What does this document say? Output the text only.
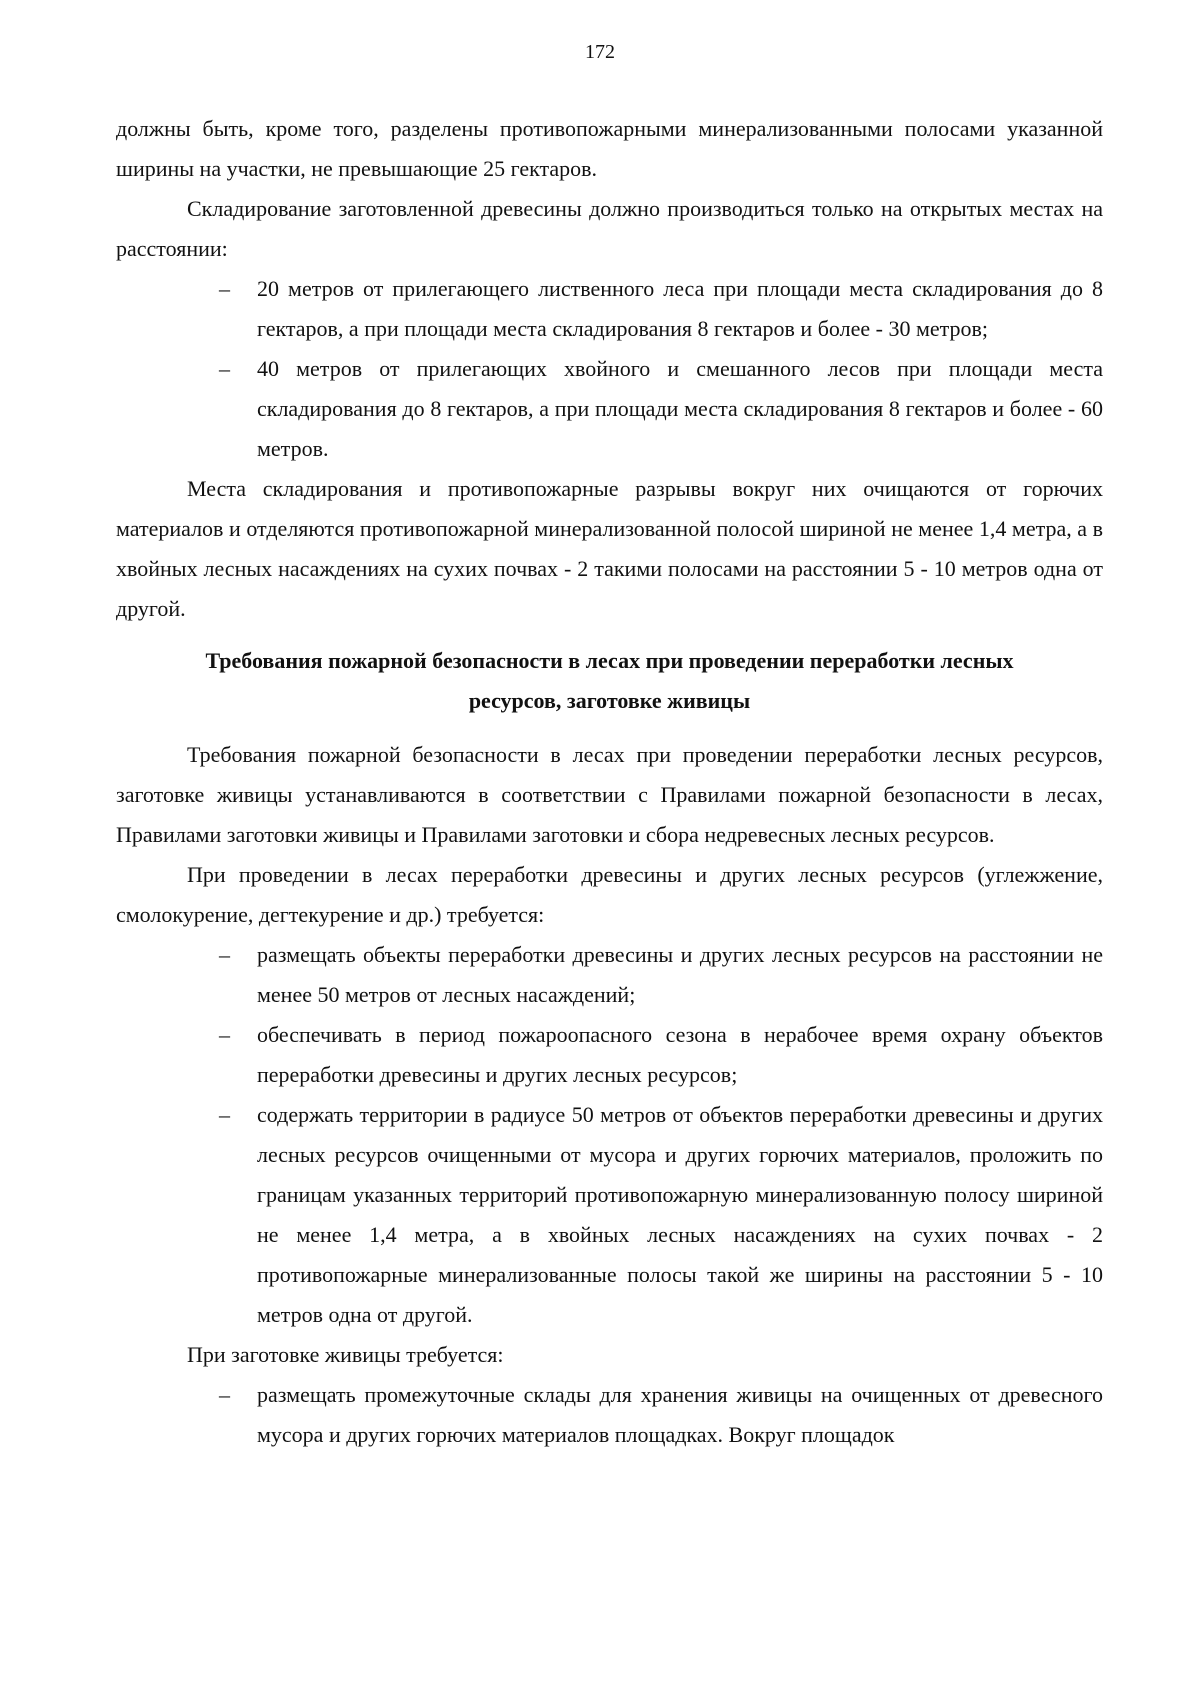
172

должны быть, кроме того, разделены противопожарными минерализованными полосами указанной ширины на участки, не превышающие 25 гектаров.

Складирование заготовленной древесины должно производиться только на открытых местах на расстоянии:

– 20 метров от прилегающего лиственного леса при площади места складирования до 8 гектаров, а при площади места складирования 8 гектаров и более - 30 метров;
– 40 метров от прилегающих хвойного и смешанного лесов при площади места складирования до 8 гектаров, а при площади места складирования 8 гектаров и более - 60 метров.

Места складирования и противопожарные разрывы вокруг них очищаются от горючих материалов и отделяются противопожарной минерализованной полосой шириной не менее 1,4 метра, а в хвойных лесных насаждениях на сухих почвах - 2 такими полосами на расстоянии 5 - 10 метров одна от другой.

Требования пожарной безопасности в лесах при проведении переработки лесных ресурсов, заготовке живицы

Требования пожарной безопасности в лесах при проведении переработки лесных ресурсов, заготовке живицы устанавливаются в соответствии с Правилами пожарной безопасности в лесах, Правилами заготовки живицы и Правилами заготовки и сбора недревесных лесных ресурсов.

При проведении в лесах переработки древесины и других лесных ресурсов (углежжение, смолокурение, дегтекурение и др.) требуется:

– размещать объекты переработки древесины и других лесных ресурсов на расстоянии не менее 50 метров от лесных насаждений;
– обеспечивать в период пожароопасного сезона в нерабочее время охрану объектов переработки древесины и других лесных ресурсов;
– содержать территории в радиусе 50 метров от объектов переработки древесины и других лесных ресурсов очищенными от мусора и других горючих материалов, проложить по границам указанных территорий противопожарную минерализованную полосу шириной не менее 1,4 метра, а в хвойных лесных насаждениях на сухих почвах - 2 противопожарные минерализованные полосы такой же ширины на расстоянии 5 - 10 метров одна от другой.

При заготовке живицы требуется:

– размещать промежуточные склады для хранения живицы на очищенных от древесного мусора и других горючих материалов площадках. Вокруг площадок
